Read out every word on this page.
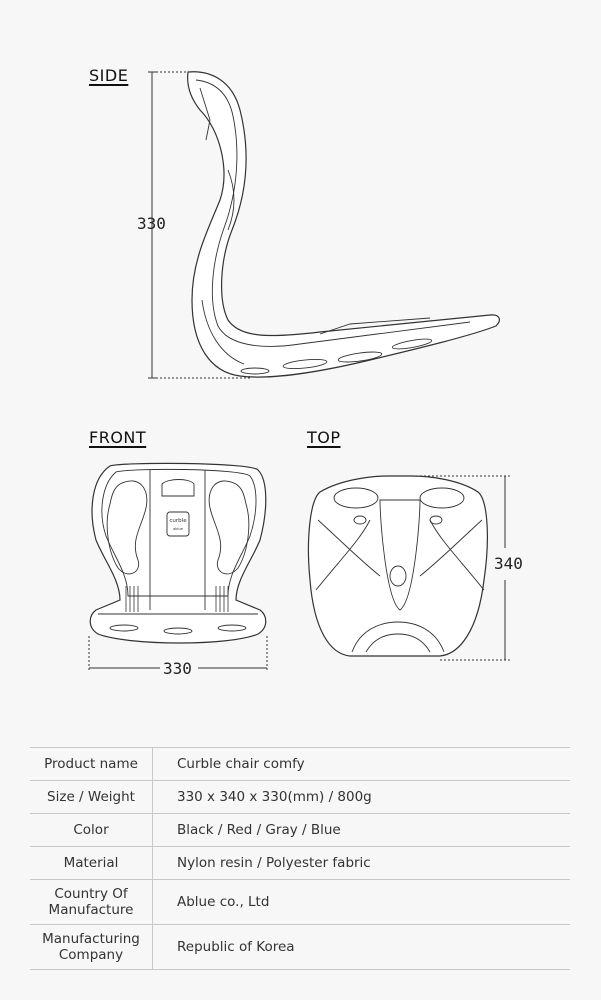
SIDE
FRONT	TOP
330
330
340
curble
ablue
Product name	Curble chair comfy
Size / Weight	330 x 340 x 330(mm) / 800g
Color	Black / Red / Gray / Blue
Material	Nylon resin / Polyester fabric
Country Of Manufacture	Ablue co., Ltd
Manufacturing Company	Republic of Korea
